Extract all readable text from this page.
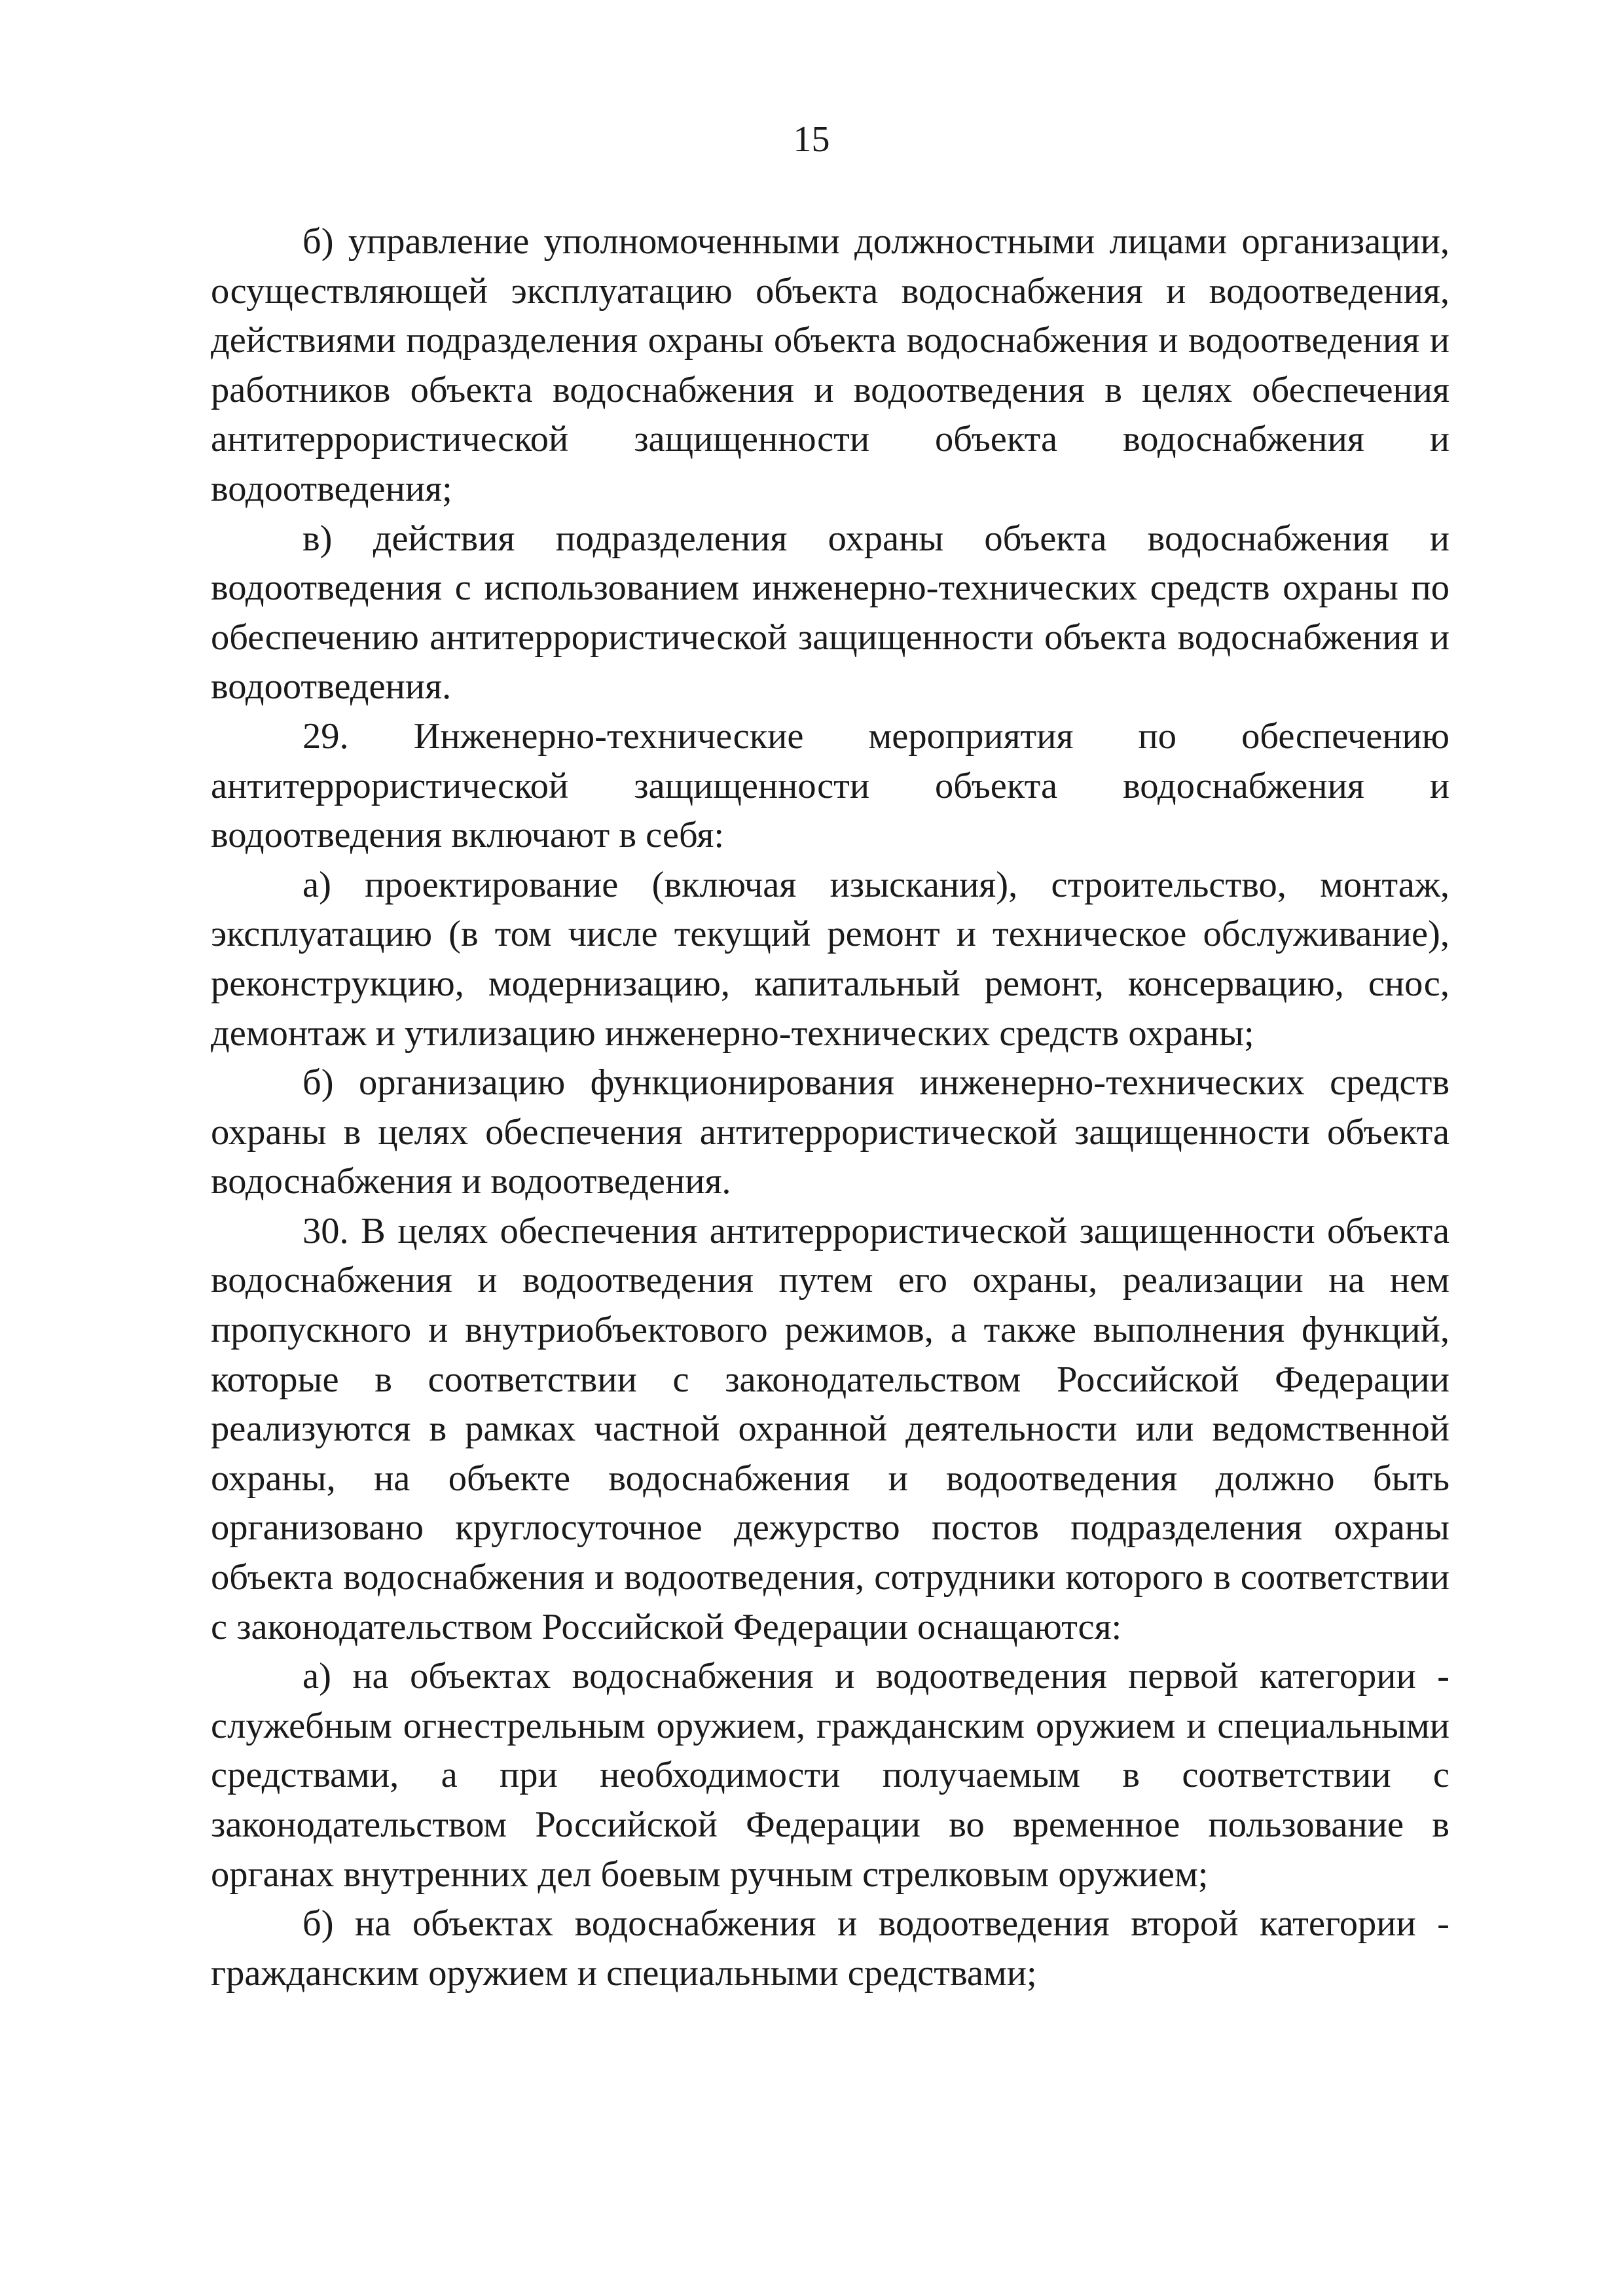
15

б) управление уполномоченными должностными лицами организации, осуществляющей эксплуатацию объекта водоснабжения и водоотведения, действиями подразделения охраны объекта водоснабжения и водоотведения и работников объекта водоснабжения и водоотведения в целях обеспечения антитеррористической защищенности объекта водоснабжения и водоотведения;

в) действия подразделения охраны объекта водоснабжения и водоотведения с использованием инженерно-технических средств охраны по обеспечению антитеррористической защищенности объекта водоснабжения и водоотведения.

29. Инженерно-технические мероприятия по обеспечению антитеррористической защищенности объекта водоснабжения и водоотведения включают в себя:

а) проектирование (включая изыскания), строительство, монтаж, эксплуатацию (в том числе текущий ремонт и техническое обслуживание), реконструкцию, модернизацию, капитальный ремонт, консервацию, снос, демонтаж и утилизацию инженерно-технических средств охраны;

б) организацию функционирования инженерно-технических средств охраны в целях обеспечения антитеррористической защищенности объекта водоснабжения и водоотведения.

30. В целях обеспечения антитеррористической защищенности объекта водоснабжения и водоотведения путем его охраны, реализации на нем пропускного и внутриобъектового режимов, а также выполнения функций, которые в соответствии с законодательством Российской Федерации реализуются в рамках частной охранной деятельности или ведомственной охраны, на объекте водоснабжения и водоотведения должно быть организовано круглосуточное дежурство постов подразделения охраны объекта водоснабжения и водоотведения, сотрудники которого в соответствии с законодательством Российской Федерации оснащаются:

а) на объектах водоснабжения и водоотведения первой категории - служебным огнестрельным оружием, гражданским оружием и специальными средствами, а при необходимости получаемым в соответствии с законодательством Российской Федерации во временное пользование в органах внутренних дел боевым ручным стрелковым оружием;

б) на объектах водоснабжения и водоотведения второй категории - гражданским оружием и специальными средствами;
